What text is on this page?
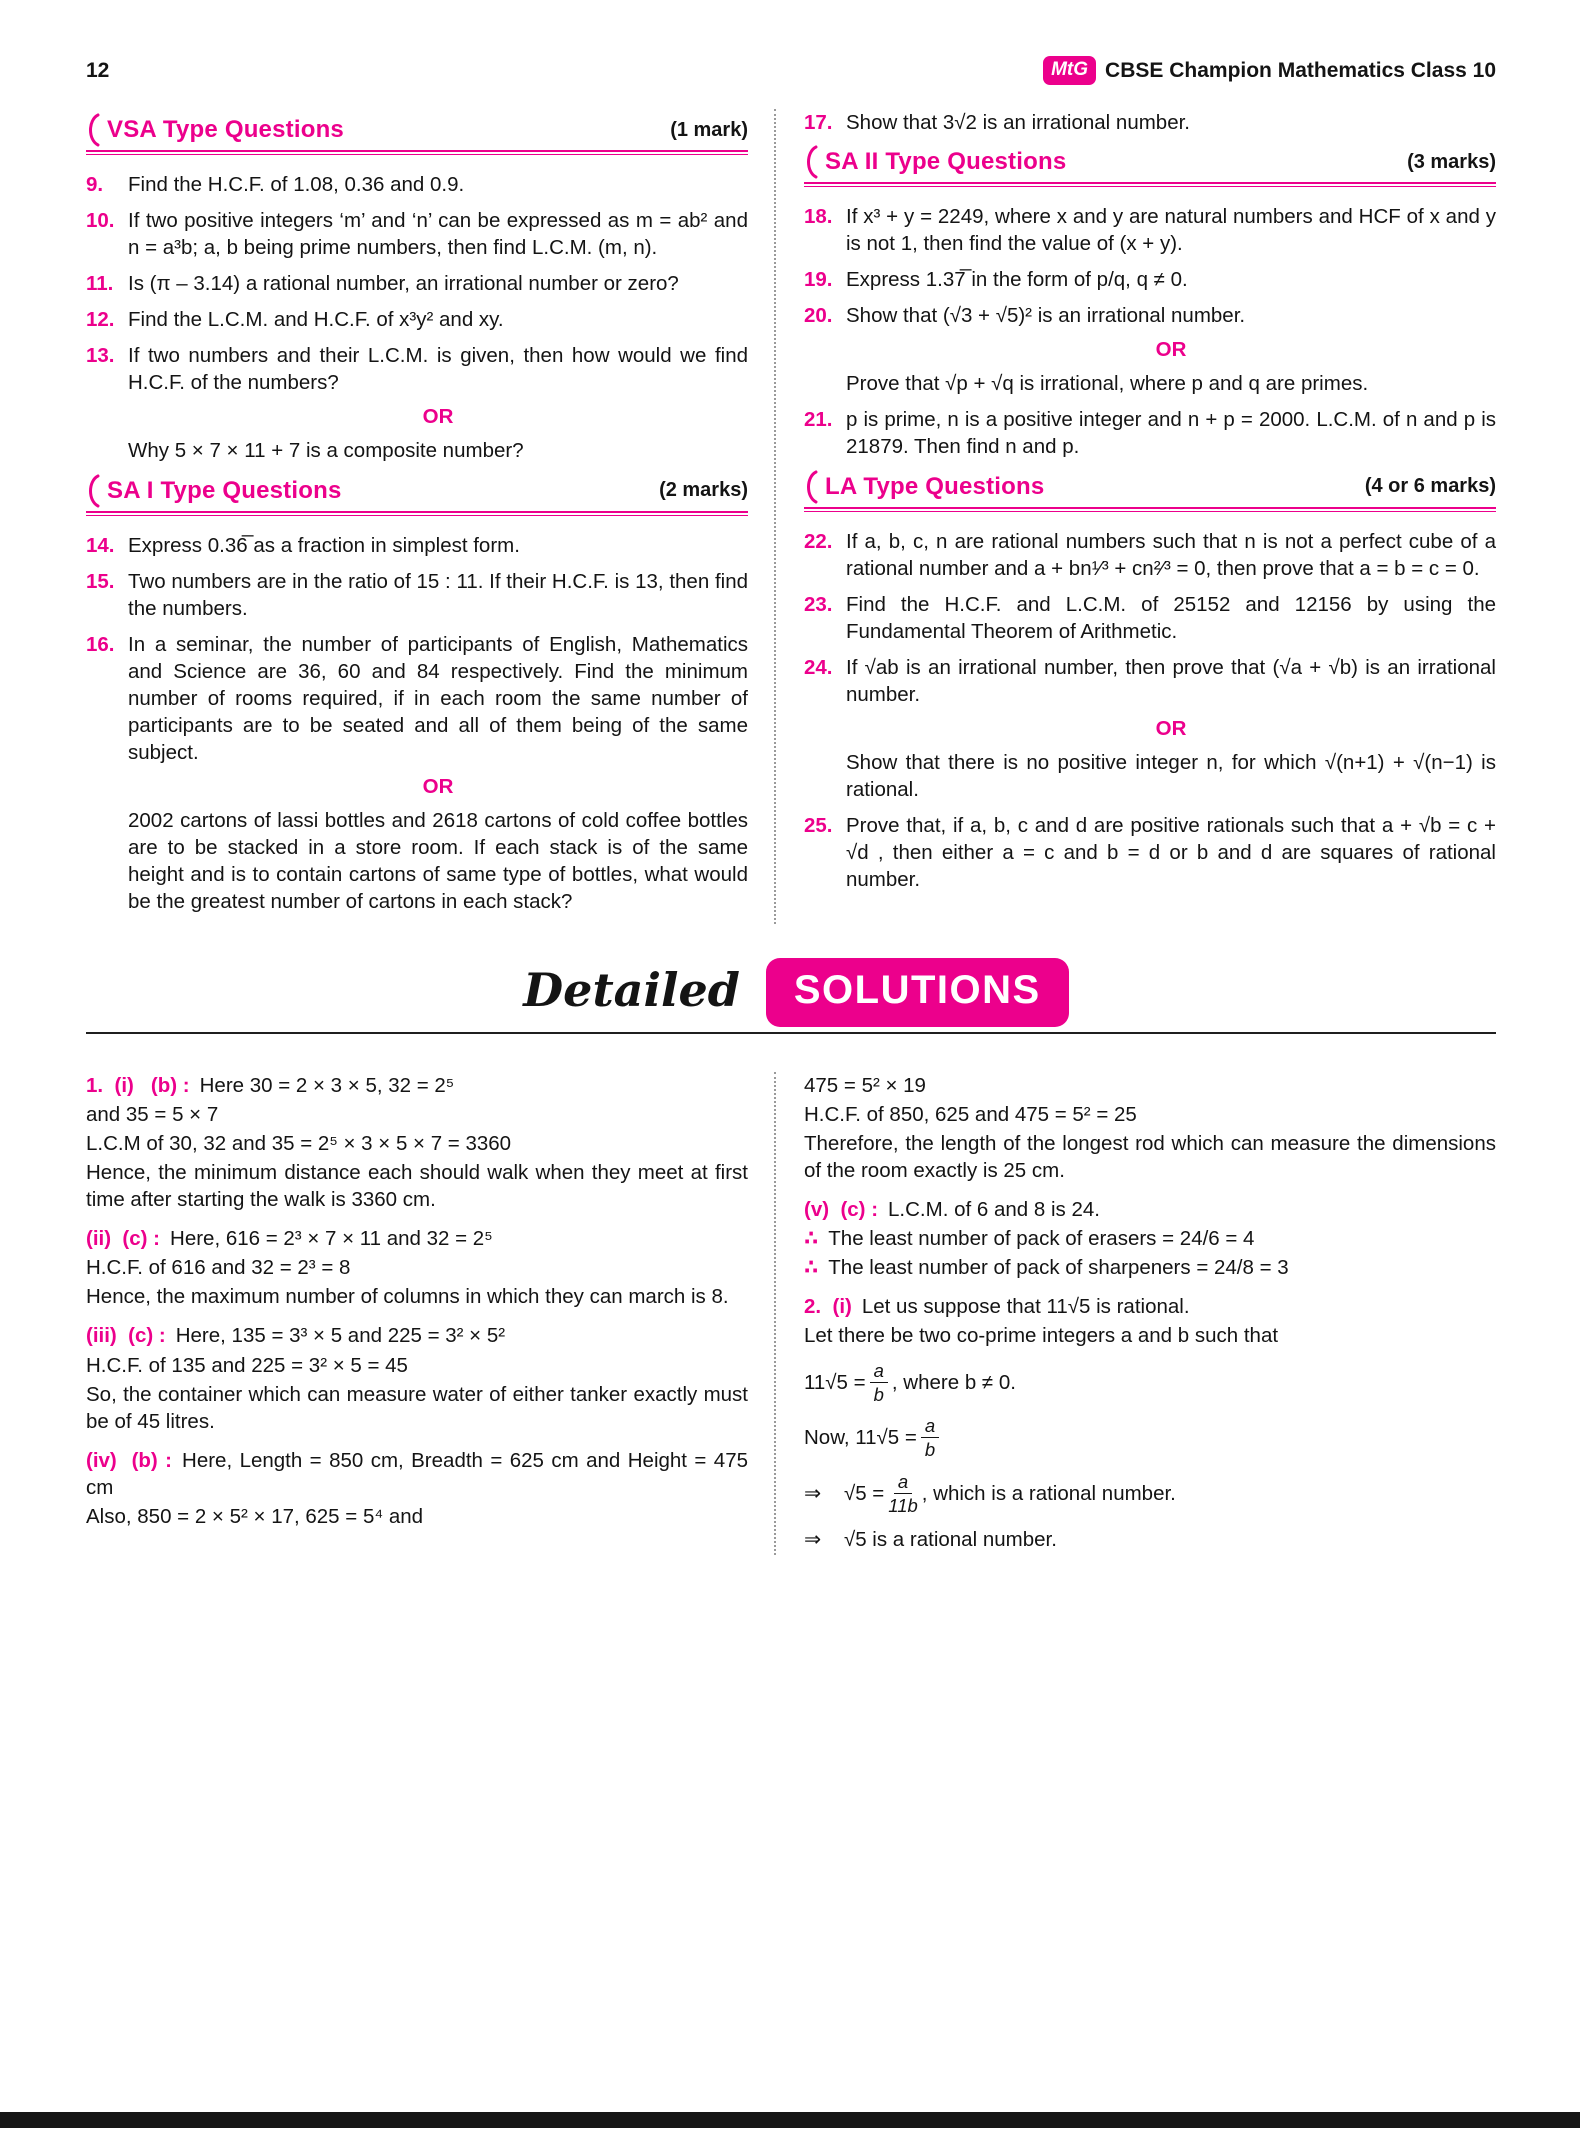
12	MtG CBSE Champion Mathematics Class 10
VSA Type Questions	(1 mark)
9.	Find the H.C.F. of 1.08, 0.36 and 0.9.
10. If two positive integers ‘m’ and ‘n’ can be expressed as m = ab² and n = a³b; a, b being prime numbers, then find L.C.M. (m, n).
11. Is (π – 3.14) a rational number, an irrational number or zero?
12. Find the L.C.M. and H.C.F. of x³y² and xy.
13. If two numbers and their L.C.M. is given, then how would we find H.C.F. of the numbers?
OR
Why 5 × 7 × 11 + 7 is a composite number?
SA I Type Questions	(2 marks)
14. Express 0.36̅ as a fraction in simplest form.
15. Two numbers are in the ratio of 15 : 11. If their H.C.F. is 13, then find the numbers.
16. In a seminar, the number of participants of English, Mathematics and Science are 36, 60 and 84 respectively. Find the minimum number of rooms required, if in each room the same number of participants are to be seated and all of them being of the same subject.
OR
2002 cartons of lassi bottles and 2618 cartons of cold coffee bottles are to be stacked in a store room. If each stack is of the same height and is to contain cartons of same type of bottles, what would be the greatest number of cartons in each stack?
17. Show that 3√2 is an irrational number.
SA II Type Questions	(3 marks)
18. If x³ + y = 2249, where x and y are natural numbers and HCF of x and y is not 1, then find the value of (x + y).
19. Express 1.37̅ in the form of p/q, q ≠ 0.
20. Show that (√3 + √5)² is an irrational number.
OR
Prove that √p + √q is irrational, where p and q are primes.
21. p is prime, n is a positive integer and n + p = 2000. L.C.M. of n and p is 21879. Then find n and p.
LA Type Questions	(4 or 6 marks)
22. If a, b, c, n are rational numbers such that n is not a perfect cube of a rational number and a + bn¹⁄³ + cn²⁄³ = 0, then prove that a = b = c = 0.
23. Find the H.C.F. and L.C.M. of 25152 and 12156 by using the Fundamental Theorem of Arithmetic.
24. If √ab is an irrational number, then prove that (√a + √b) is an irrational number.
OR
Show that there is no positive integer n, for which √(n+1) + √(n−1) is rational.
25. Prove that, if a, b, c and d are positive rationals such that a + √b = c + √d , then either a = c and b = d or b and d are squares of rational number.
Detailed	SOLUTIONS
1.  (i)   (b) : Here 30 = 2 × 3 × 5, 32 = 2⁵
and 35 = 5 × 7
L.C.M of 30, 32 and 35 = 2⁵ × 3 × 5 × 7 = 3360
Hence, the minimum distance each should walk when they meet at first time after starting the walk is 3360 cm.
(ii)  (c) : Here, 616 = 2³ × 7 × 11 and 32 = 2⁵
H.C.F. of 616 and 32 = 2³ = 8
Hence, the maximum number of columns in which they can march is 8.
(iii)  (c) : Here, 135 = 3³ × 5 and 225 = 3² × 5²
H.C.F. of 135 and 225 = 3² × 5 = 45
So, the container which can measure water of either tanker exactly must be of 45 litres.
(iv)  (b) : Here, Length = 850 cm, Breadth = 625 cm and Height = 475 cm
Also, 850 = 2 × 5² × 17, 625 = 5⁴ and
475 = 5² × 19
H.C.F. of 850, 625 and 475 = 5² = 25
Therefore, the length of the longest rod which can measure the dimensions of the room exactly is 25 cm.
(v)  (c) : L.C.M. of 6 and 8 is 24.
∴ The least number of pack of erasers = 24/6 = 4
∴ The least number of pack of sharpeners = 24/8 = 3
2.  (i) Let us suppose that 11√5 is rational.
Let there be two co-prime integers a and b such that
$11√5 = \frac{a}{b}$ , where b ≠ 0.
Now, $11√5 = \frac{a}{b}$
⇒    $√5 = \frac{a}{11b}$ , which is a rational number.
⇒    √5 is a rational number.
